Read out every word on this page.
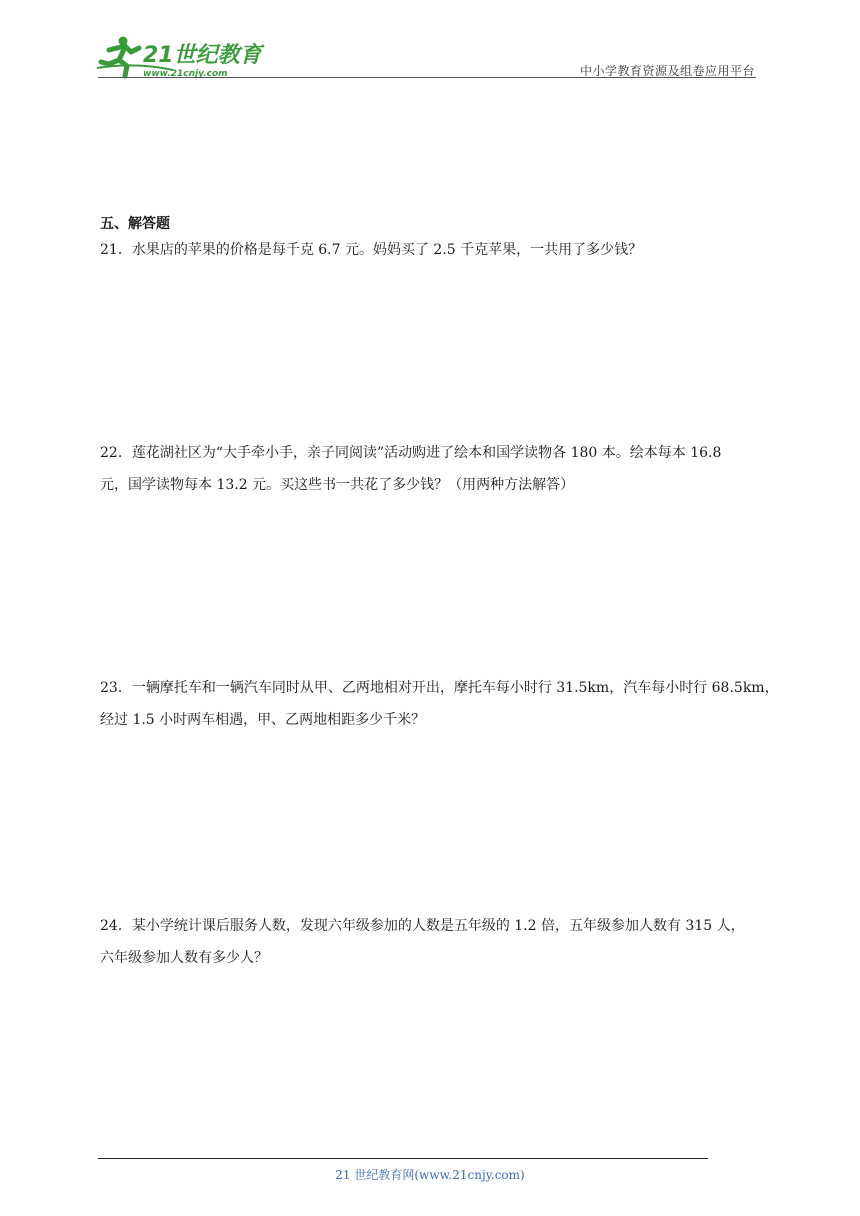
21世纪教育
www.21cnjy.com	中小学教育资源及组卷应用平台
五、解答题
21．水果店的苹果的价格是每千克 6.7 元。妈妈买了 2.5 千克苹果，一共用了多少钱？
22．莲花湖社区为“大手牵小手，亲子同阅读”活动购进了绘本和国学读物各 180 本。绘本每本 16.8
元，国学读物每本 13.2 元。买这些书一共花了多少钱？（用两种方法解答）
23．一辆摩托车和一辆汽车同时从甲、乙两地相对开出，摩托车每小时行 31.5km，汽车每小时行 68.5km，
经过 1.5 小时两车相遇，甲、乙两地相距多少千米？
24．某小学统计课后服务人数，发现六年级参加的人数是五年级的 1.2 倍，五年级参加人数有 315 人，
六年级参加人数有多少人？
21 世纪教育网(www.21cnjy.com)
